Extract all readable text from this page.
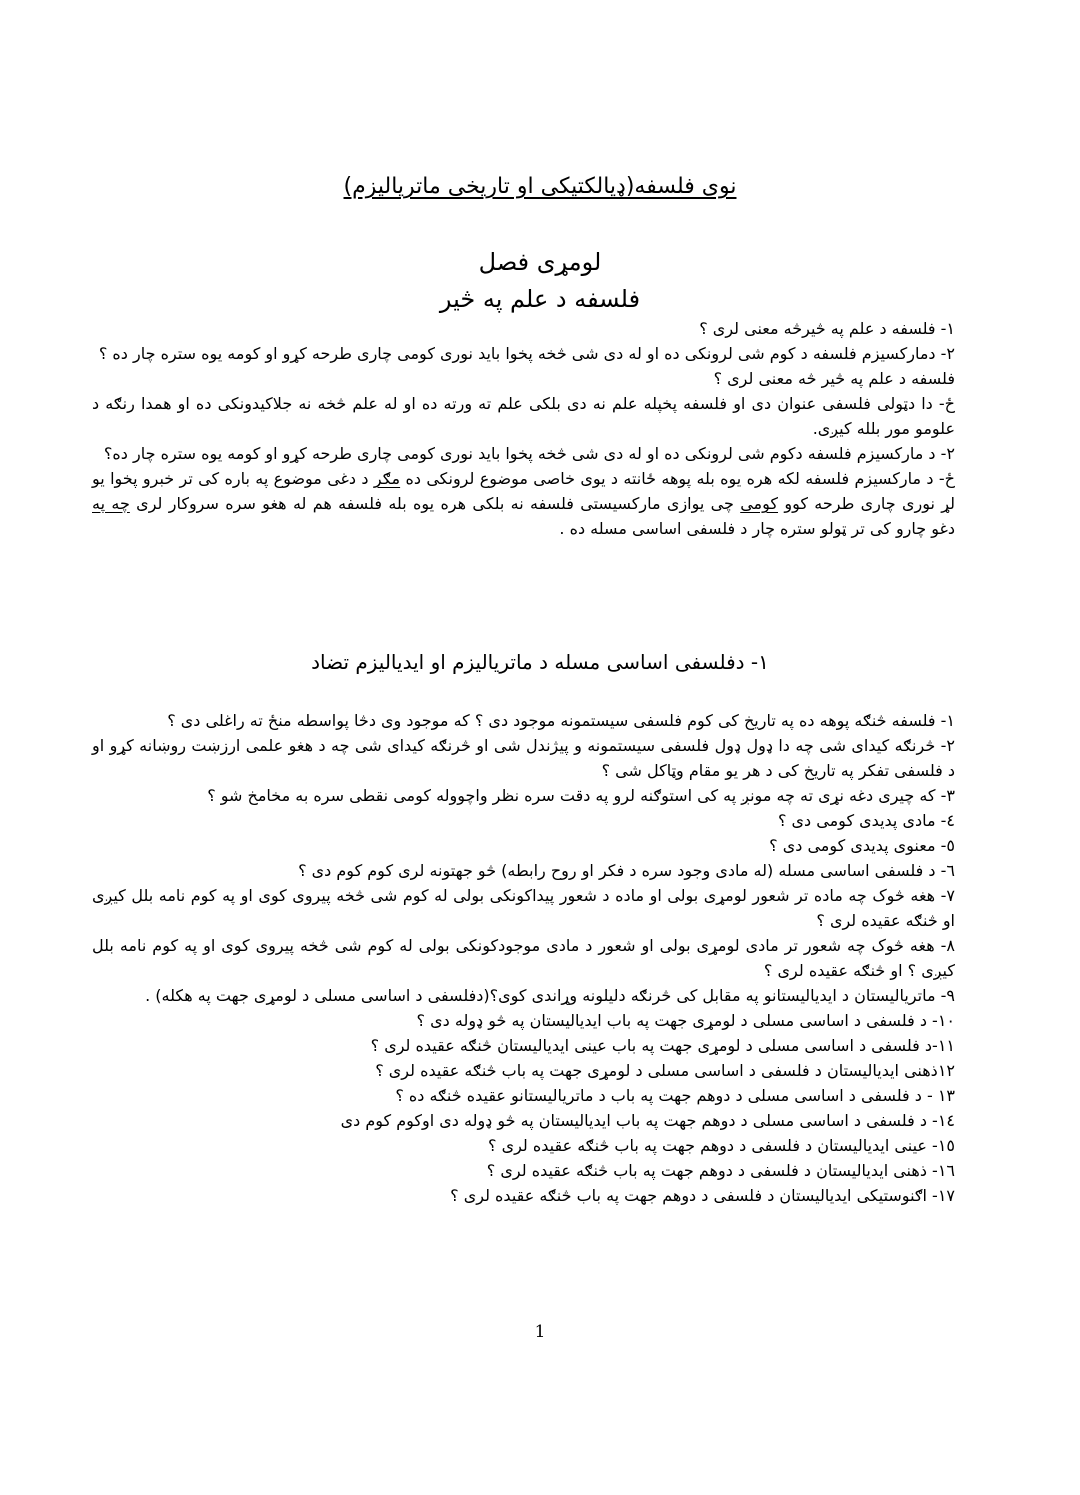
نوی فلسفه(ډیالکتیکی او تاریخی ماتریالیزم)
لومړی فصل
فلسفه د علم په څیر

١- فلسفه د علم په څیرڅه معنی لری ؟

٢- دمارکسیزم فلسفه د کوم شی لرونکی ده او له دی شی څخه پخوا باید نوری کومی چاری طرحه کړو او کومه یوه ستره چار ده ؟

فلسفه د علم په څیر څه معنی لری ؟

ځ- دا دټولی فلسفی عنوان دی او فلسفه پخپله علم نه دی بلکی علم ته ورته ده او له علم څخه نه جلاکیدونکی ده او همدا رنګه د علومو مور بلله کیږی.

٢- د مارکسیزم فلسفه دکوم شی لرونکی ده او له دی شی څخه پخوا باید نوری کومی چاری طرحه کړو او کومه یوه ستره چار ده؟

ځ- د مارکسیزم فلسفه لکه هره یوه بله پوهه ځانته د یوی خاصی موضوع لرونکی ده مګر د دغی موضوع په باره کی تر خبرو پخوا یو لړ نوری چاری طرحه کوو کومی چی یوازی مارکسیستی فلسفه نه بلکی هره یوه بله فلسفه هم له هغو سره سروکار لری چه په دغو چارو کی تر ټولو ستره چار د فلسفی اساسی مسله ده .

١- دفلسفی اساسی مسله د ماتریالیزم او ایدیالیزم تضاد

١- فلسفه څنګه پوهه ده په تاریخ کی کوم فلسفی سیستمونه موجود دی ؟ که موجود وی دڅا پواسطه منځ ته راغلی دی ؟

٢- څرنګه کیدای شی چه دا ډول ډول فلسفی سیستمونه و پیژندل شی او څرنګه کیدای شی چه د هغو علمی ارزښت روښانه کړو او د فلسفی تفکر په تاریخ کی د هر یو مقام وټاکل شی ؟

٣- که چیری دغه نړی ته چه مونږ په کی استوګنه لرو په دقت سره نظر واچووله کومی نقطی سره به مخامخ شو ؟

٤- مادی پدیدی کومی دی ؟

٥- معنوی پدیدی کومی دی ؟

٦- د فلسفی اساسی مسله (له مادی وجود سره د فکر او روح رابطه) څو جهتونه لری کوم کوم دی ؟

٧- هغه څوک چه ماده تر شعور لومړی بولی او ماده د شعور پیداکونکی بولی له کوم شی څخه پیروی کوی او په کوم نامه بلل کیږی او څنګه عقیده لری ؟

٨- هغه څوک چه شعور تر مادی لومړی بولی او شعور د مادی موجودکونکی بولی له کوم شی څخه پیروی کوی او په کوم نامه بلل کیږی ؟ او څنګه عقیده لری ؟

٩- ماتریالیستان د ایدیالیستانو په مقابل کی څرنګه دلیلونه وړاندی کوی؟(دفلسفی د اساسی مسلی د لومړی جهت په هکله) .

١٠- د فلسفی د اساسی مسلی د لومړی جهت په باب ایدیالیستان په څو ډوله دی ؟

١١-د فلسفی د اساسی مسلی د لومړی جهت په باب عینی ایدیالیستان څنګه عقیده لری ؟

١٢ذهنی ایدیالیستان د فلسفی د اساسی مسلی د لومړی جهت په باب څنګه عقیده لری ؟

١٣ - د فلسفی د اساسی مسلی د دوهم جهت په باب د ماتریالیستانو عقیده څنګه ده ؟

١٤- د فلسفی د اساسی مسلی د دوهم جهت په باب ایدیالیستان په څو ډوله دی اوکوم کوم دی

١٥- عینی ایدیالیستان د فلسفی د دوهم جهت په باب څنګه عقیده لری ؟

١٦- ذهنی ایدیالیستان د فلسفی د دوهم جهت په باب څنګه عقیده لری ؟

١٧- اګنوستیکی ایدیالیستان د فلسفی د دوهم جهت په باب څنګه عقیده لری ؟

1
